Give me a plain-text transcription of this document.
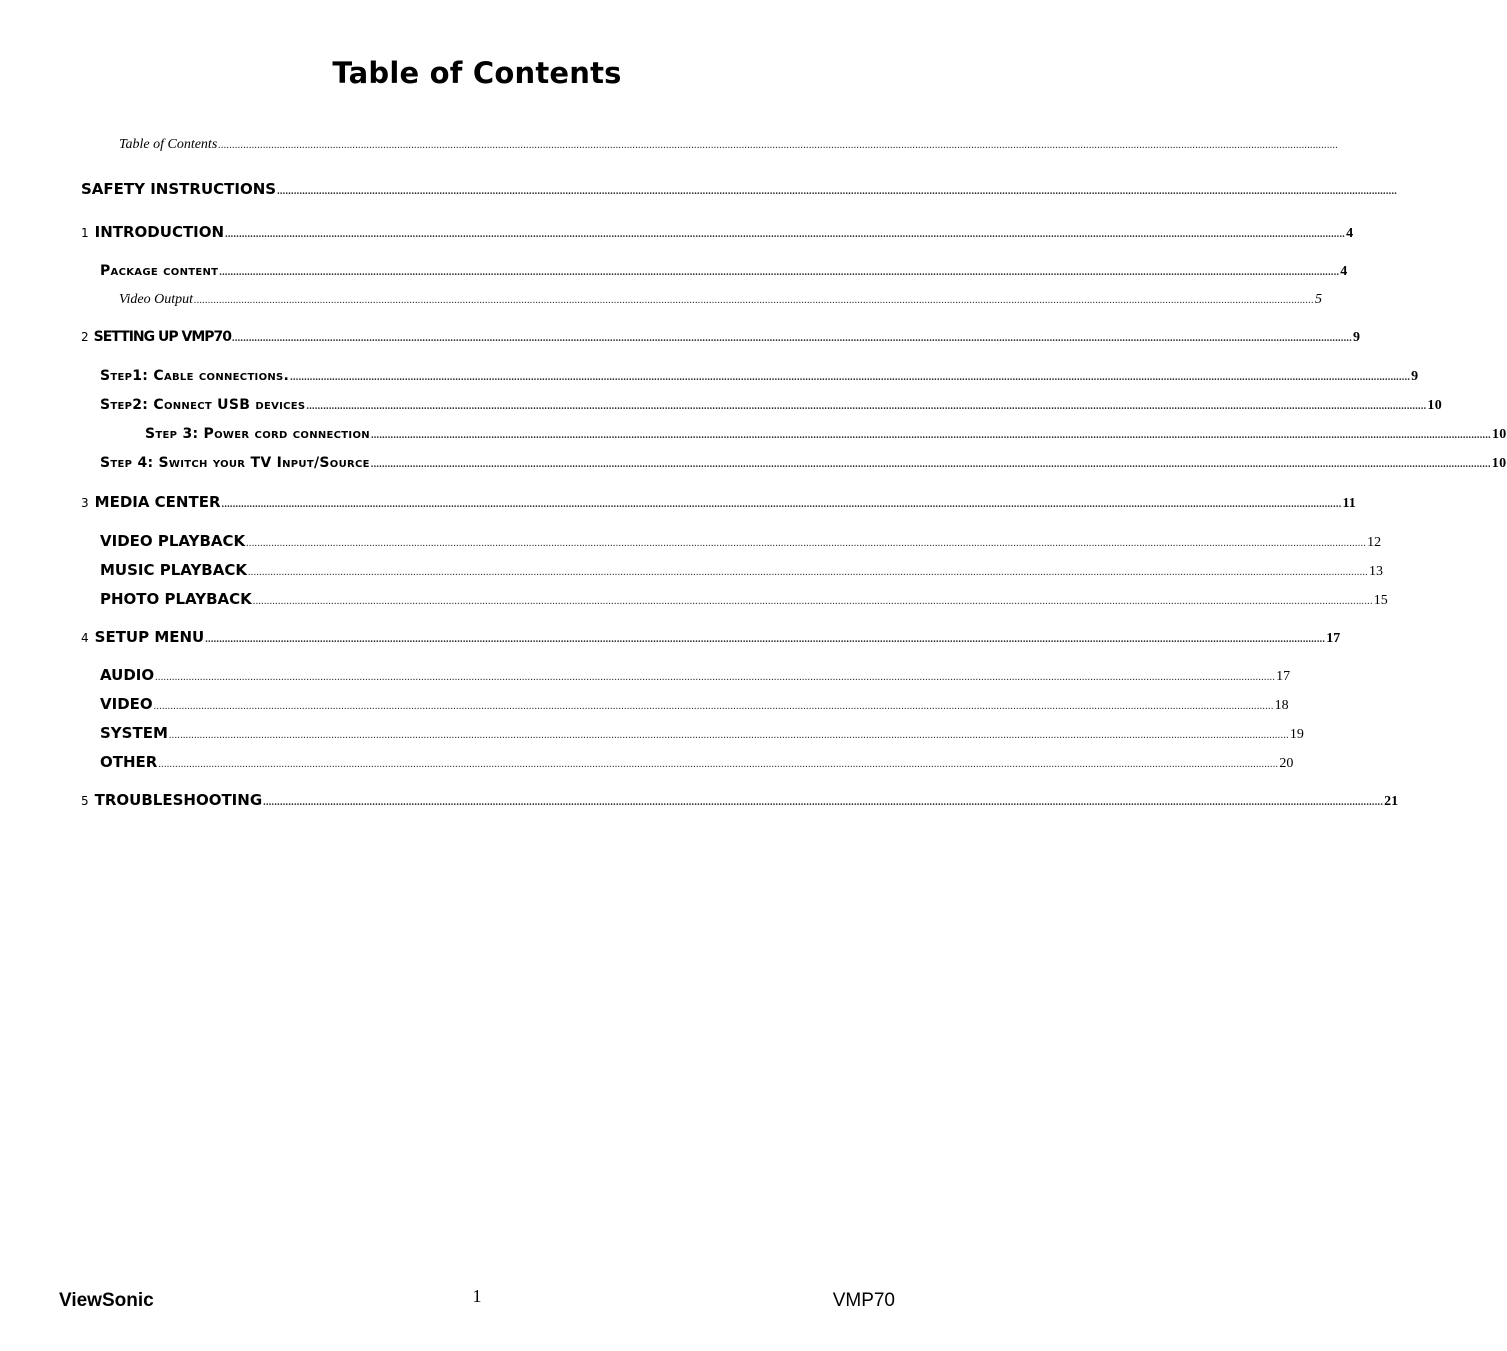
Table of Contents
Table of Contents ................................................................................................................................................................................................................................................................................................................................................................................................................
SAFETY INSTRUCTIONS ................................................................................................................................................................................................................................................................................................................................................................................................................
1 INTRODUCTION ................................................................................................................................................................................................................................................................................................................................................................................................................ 4
Package content ................................................................................................................................................................................................................................................................................................................................................................................................................ 4
Video Output ................................................................................................................................................................................................................................................................................................................................................................................................................ 5
2 SETTING UP VMP70 ................................................................................................................................................................................................................................................................................................................................................................................................................ 9
Step1: Cable connections. ................................................................................................................................................................................................................................................................................................................................................................................................................ 9
Step2: Connect USB devices ................................................................................................................................................................................................................................................................................................................................................................................................................ 10
Step 3: Power cord connection ................................................................................................................................................................................................................................................................................................................................................................................................................ 10
Step 4: Switch your TV Input/Source ................................................................................................................................................................................................................................................................................................................................................................................................................ 10
3 MEDIA CENTER ................................................................................................................................................................................................................................................................................................................................................................................................................ 11
VIDEO PLAYBACK ................................................................................................................................................................................................................................................................................................................................................................................................................ 12
MUSIC PLAYBACK ................................................................................................................................................................................................................................................................................................................................................................................................................ 13
PHOTO PLAYBACK ................................................................................................................................................................................................................................................................................................................................................................................................................ 15
4 SETUP MENU ................................................................................................................................................................................................................................................................................................................................................................................................................ 17
AUDIO ................................................................................................................................................................................................................................................................................................................................................................................................................ 17
VIDEO ................................................................................................................................................................................................................................................................................................................................................................................................................ 18
SYSTEM ................................................................................................................................................................................................................................................................................................................................................................................................................ 19
OTHER ................................................................................................................................................................................................................................................................................................................................................................................................................ 20
5 TROUBLESHOOTING ................................................................................................................................................................................................................................................................................................................................................................................................................ 21
ViewSonic	1	VMP70
